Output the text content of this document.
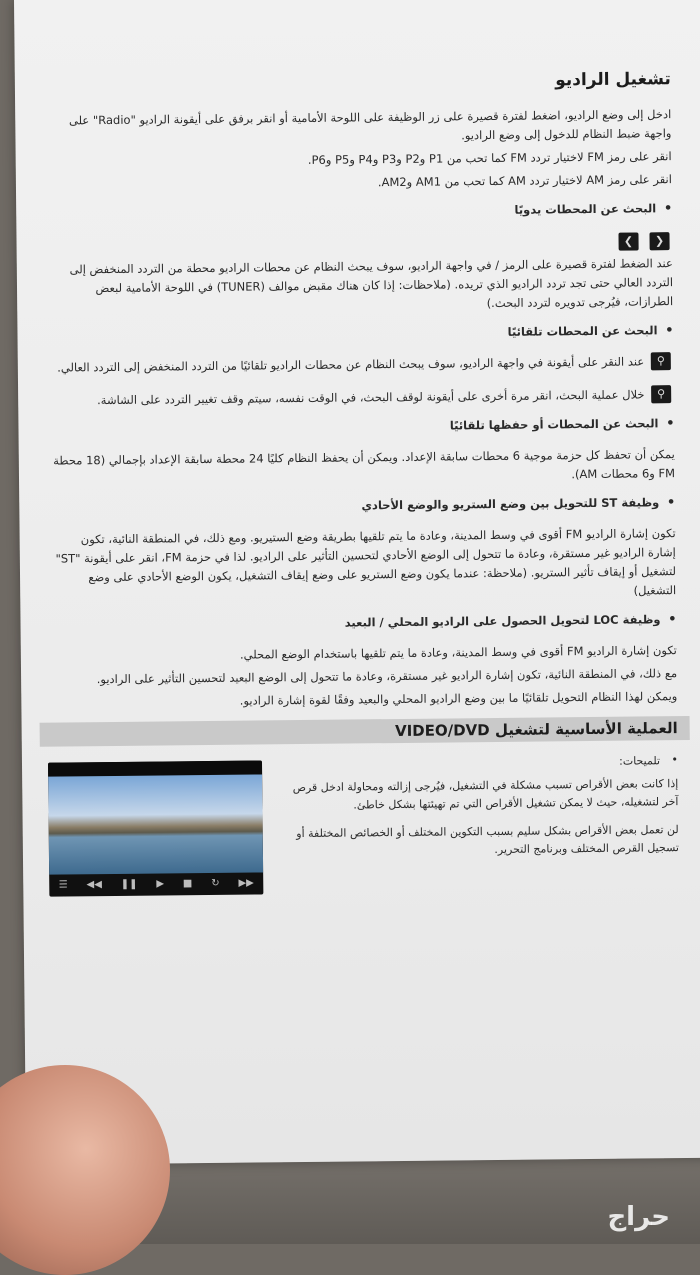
تشغيل الراديو

ادخل إلى وضع الراديو، اضغط لفترة قصيرة على زر الوظيفة على اللوحة الأمامية أو انقر برفق على أيقونة الراديو "Radio" على واجهة ضبط النظام للدخول إلى وضع الراديو.

انقر على رمز FM لاختيار تردد FM كما تحب من P1 وP2 وP3 وP4 وP5 وP6.

انقر على رمز AM لاختيار تردد AM كما تحب من AM1 وAM2.

• البحث عن المحطات يدويًا
❮ ❯

عند الضغط لفترة قصيرة على الرمز / في واجهة الراديو، سوف يبحث النظام عن محطات الراديو محطة من التردد المنخفض إلى التردد العالي حتى تجد تردد الراديو الذي تريده. (ملاحظات: إذا كان هناك مقبض موالف (TUNER) في اللوحة الأمامية لبعض الطرازات، فيُرجى تدويره لتردد البحث.)

• البحث عن المحطات تلقائيًا

⚲ عند النقر على أيقونة في واجهة الراديو، سوف يبحث النظام عن محطات الراديو تلقائيًا من التردد المنخفض إلى التردد العالي.

⚲ خلال عملية البحث، انقر مرة أخرى على أيقونة لوقف البحث، في الوقت نفسه، سيتم وقف تغيير التردد على الشاشة.

• البحث عن المحطات أو حفظها تلقائيًا

يمكن أن تحفظ كل حزمة موجية 6 محطات سابقة الإعداد. ويمكن أن يحفظ النظام كليًا 24 محطة سابقة الإعداد بإجمالي (18 محطة FM و6 محطات AM).

• وظيفة ST للتحويل بين وضع الستريو والوضع الأحادي

تكون إشارة الراديو FM أقوى في وسط المدينة، وعادة ما يتم تلقيها بطريقة وضع الستيريو. ومع ذلك، في المنطقة النائية، تكون إشارة الراديو غير مستقرة، وعادة ما تتحول إلى الوضع الأحادي لتحسين التأثير على الراديو. لذا في حزمة FM، انقر على أيقونة "ST" لتشغيل أو إيقاف تأثير الستريو. (ملاحظة: عندما يكون وضع الستريو على وضع إيقاف التشغيل، يكون الوضع الأحادي على وضع التشغيل)

• وظيفة LOC لتحويل الحصول على الراديو المحلي / البعيد

تكون إشارة الراديو FM أقوى في وسط المدينة، وعادة ما يتم تلقيها باستخدام الوضع المحلي.

مع ذلك، في المنطقة النائية، تكون إشارة الراديو غير مستقرة، وعادة ما تتحول إلى الوضع البعيد لتحسين التأثير على الراديو.

ويمكن لهذا النظام التحويل تلقائيًا ما بين وضع الراديو المحلي والبعيد وفقًا لقوة إشارة الراديو.

العملية الأساسية لتشغيل VIDEO/DVD
• تلميحات:

إذا كانت بعض الأقراص تسبب مشكلة في التشغيل، فيُرجى إزالته ومحاولة ادخل قرص آخر لتشغيله، حيث لا يمكن تشغيل الأقراص التي تم تهيئتها بشكل خاطئ.

لن تعمل بعض الأقراص بشكل سليم بسبب التكوين المختلف أو الخصائص المختلفة أو تسجيل القرص المختلف وبرنامج التحرير.

☰ ◀◀ ❚❚ ▶ ■ ↻ ▶▶
حراج
